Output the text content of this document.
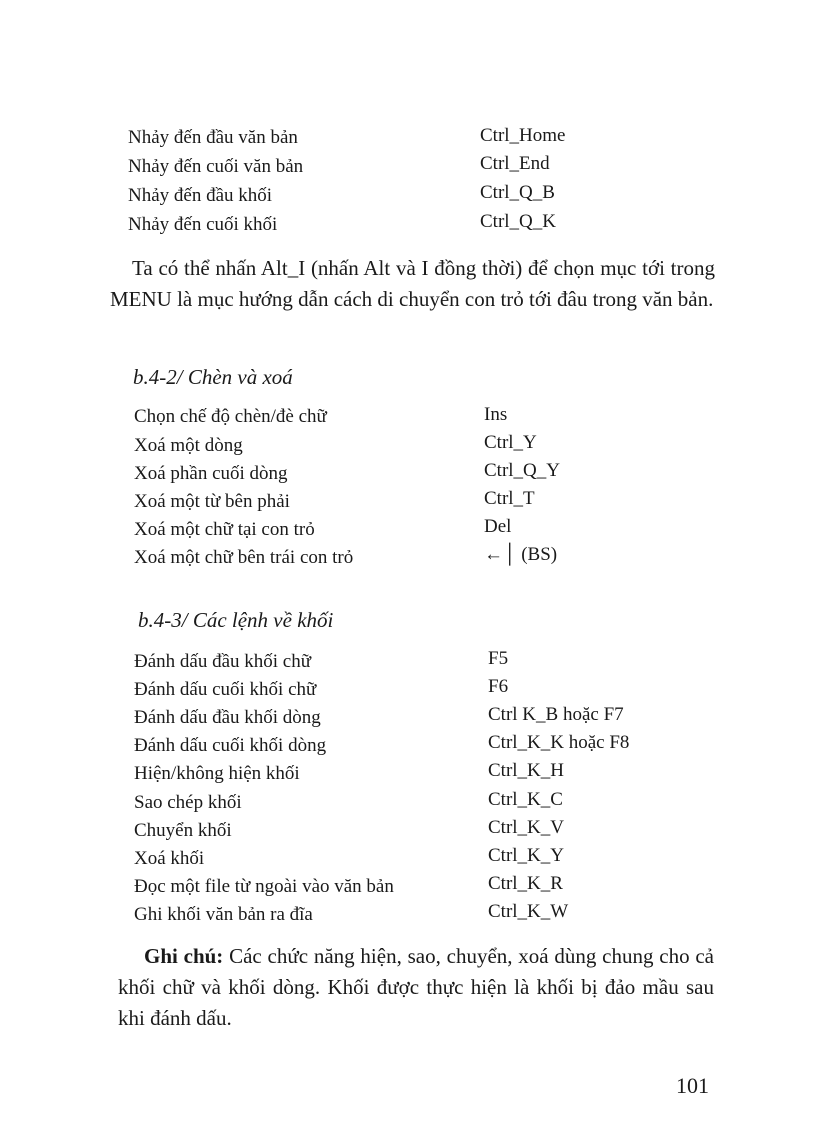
Nhảy đến đầu văn bản	Ctrl_Home
Nhảy đến cuối văn bản	Ctrl_End
Nhảy đến đầu khối	Ctrl_Q_B
Nhảy đến cuối khối	Ctrl_Q_K
Ta có thể nhấn Alt_I (nhấn Alt và I đồng thời) để chọn mục tới trong MENU là mục hướng dẫn cách di chuyển con trỏ tới đâu trong văn bản.
b.4-2/ Chèn và xoá
Chọn chế độ chèn/đè chữ	Ins
Xoá một dòng	Ctrl_Y
Xoá phần cuối dòng	Ctrl_Q_Y
Xoá một từ bên phải	Ctrl_T
Xoá một chữ tại con trỏ	Del
Xoá một chữ bên trái con trỏ	←│ (BS)
b.4-3/ Các lệnh về khối
Đánh dấu đầu khối chữ	F5
Đánh dấu cuối khối chữ	F6
Đánh dấu đầu khối dòng	Ctrl K_B hoặc F7
Đánh dấu cuối khối dòng	Ctrl_K_K hoặc F8
Hiện/không hiện khối	Ctrl_K_H
Sao chép khối	Ctrl_K_C
Chuyển khối	Ctrl_K_V
Xoá khối	Ctrl_K_Y
Đọc một file từ ngoài vào văn bản	Ctrl_K_R
Ghi khối văn bản ra đĩa	Ctrl_K_W
Ghi chú: Các chức năng hiện, sao, chuyển, xoá dùng chung cho cả khối chữ và khối dòng. Khối được thực hiện là khối bị đảo mầu sau khi đánh dấu.
101
